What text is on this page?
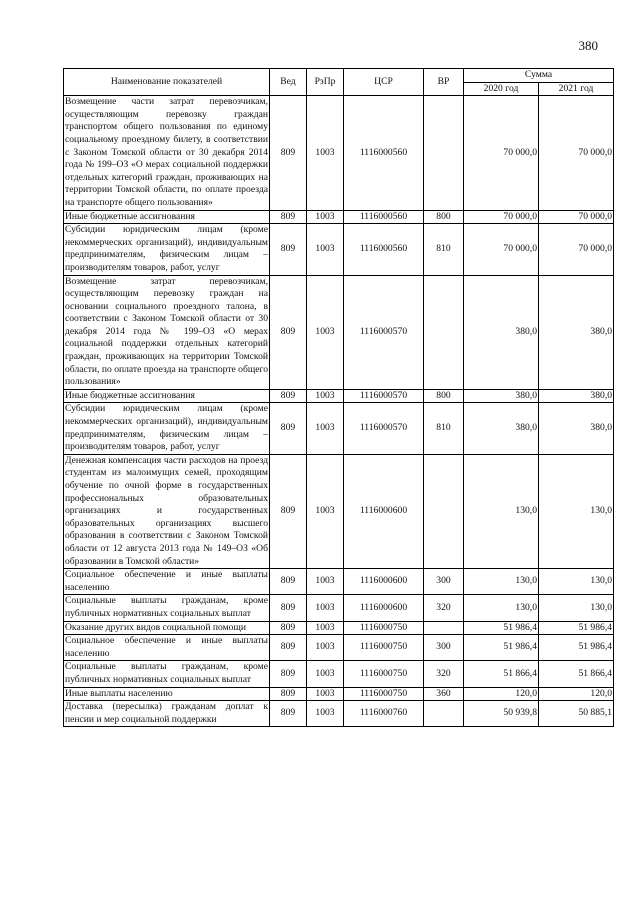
380
Наименование показателей	Вед	РзПр	ЦСР	ВР	Сумма	
					2020 год	2021 год
Возмещение части затрат перевозчикам, осуществляющим перевозку граждан транспортом общего пользования по единому социальному проездному билету, в соответствии с Законом Томской области от 30 декабря 2014 года № 199–ОЗ «О мерах социальной поддержки отдельных категорий граждан, проживающих на территории Томской области, по оплате проезда на транспорте общего пользования»	809	1003	1116000560		70 000,0	70 000,0
Иные бюджетные ассигнования	809	1003	1116000560	800	70 000,0	70 000,0
Субсидии юридическим лицам (кроме некоммерческих организаций), индивидуальным предпринимателям, физическим лицам – производителям товаров, работ, услуг	809	1003	1116000560	810	70 000,0	70 000,0
Возмещение затрат перевозчикам, осуществляющим перевозку граждан на основании социального проездного талона, в соответствии с Законом Томской области от 30 декабря 2014 года № 199–ОЗ «О мерах социальной поддержки отдельных категорий граждан, проживающих на территории Томской области, по оплате проезда на транспорте общего пользования»	809	1003	1116000570		380,0	380,0
Иные бюджетные ассигнования	809	1003	1116000570	800	380,0	380,0
Субсидии юридическим лицам (кроме некоммерческих организаций), индивидуальным предпринимателям, физическим лицам – производителям товаров, работ, услуг	809	1003	1116000570	810	380,0	380,0
Денежная компенсация части расходов на проезд студентам из малоимущих семей, проходящим обучение по очной форме в государственных профессиональных образовательных организациях и государственных образовательных организациях высшего образования в соответствии с Законом Томской области от 12 августа 2013 года № 149–ОЗ «Об образовании в Томской области»	809	1003	1116000600		130,0	130,0
Социальное обеспечение и иные выплаты населению	809	1003	1116000600	300	130,0	130,0
Социальные выплаты гражданам, кроме публичных нормативных социальных выплат	809	1003	1116000600	320	130,0	130,0
Оказание других видов социальной помощи	809	1003	1116000750		51 986,4	51 986,4
Социальное обеспечение и иные выплаты населению	809	1003	1116000750	300	51 986,4	51 986,4
Социальные выплаты гражданам, кроме публичных нормативных социальных выплат	809	1003	1116000750	320	51 866,4	51 866,4
Иные выплаты населению	809	1003	1116000750	360	120,0	120,0
Доставка (пересылка) гражданам доплат к пенсии и мер социальной поддержки	809	1003	1116000760		50 939,8	50 885,1
